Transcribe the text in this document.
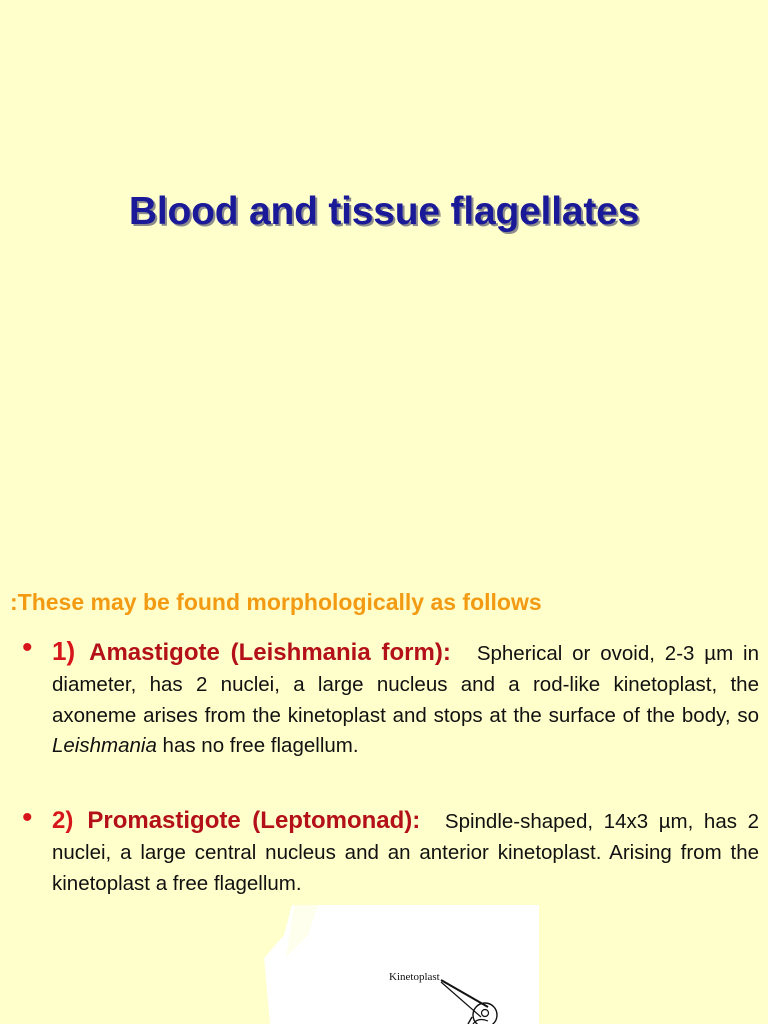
Blood and tissue flagellates
:These may be found morphologically as follows
• 1) Amastigote (Leishmania form): Spherical or ovoid, 2-3 µm in diameter, has 2 nuclei, a large nucleus and a rod-like kinetoplast, the axoneme arises from the kinetoplast and stops at the surface of the body, so Leishmania has no free flagellum.
• 2) Promastigote (Leptomonad): Spindle-shaped, 14x3 µm, has 2 nuclei, a large central nucleus and an anterior kinetoplast. Arising from the kinetoplast a free flagellum.
Kinetoplast
